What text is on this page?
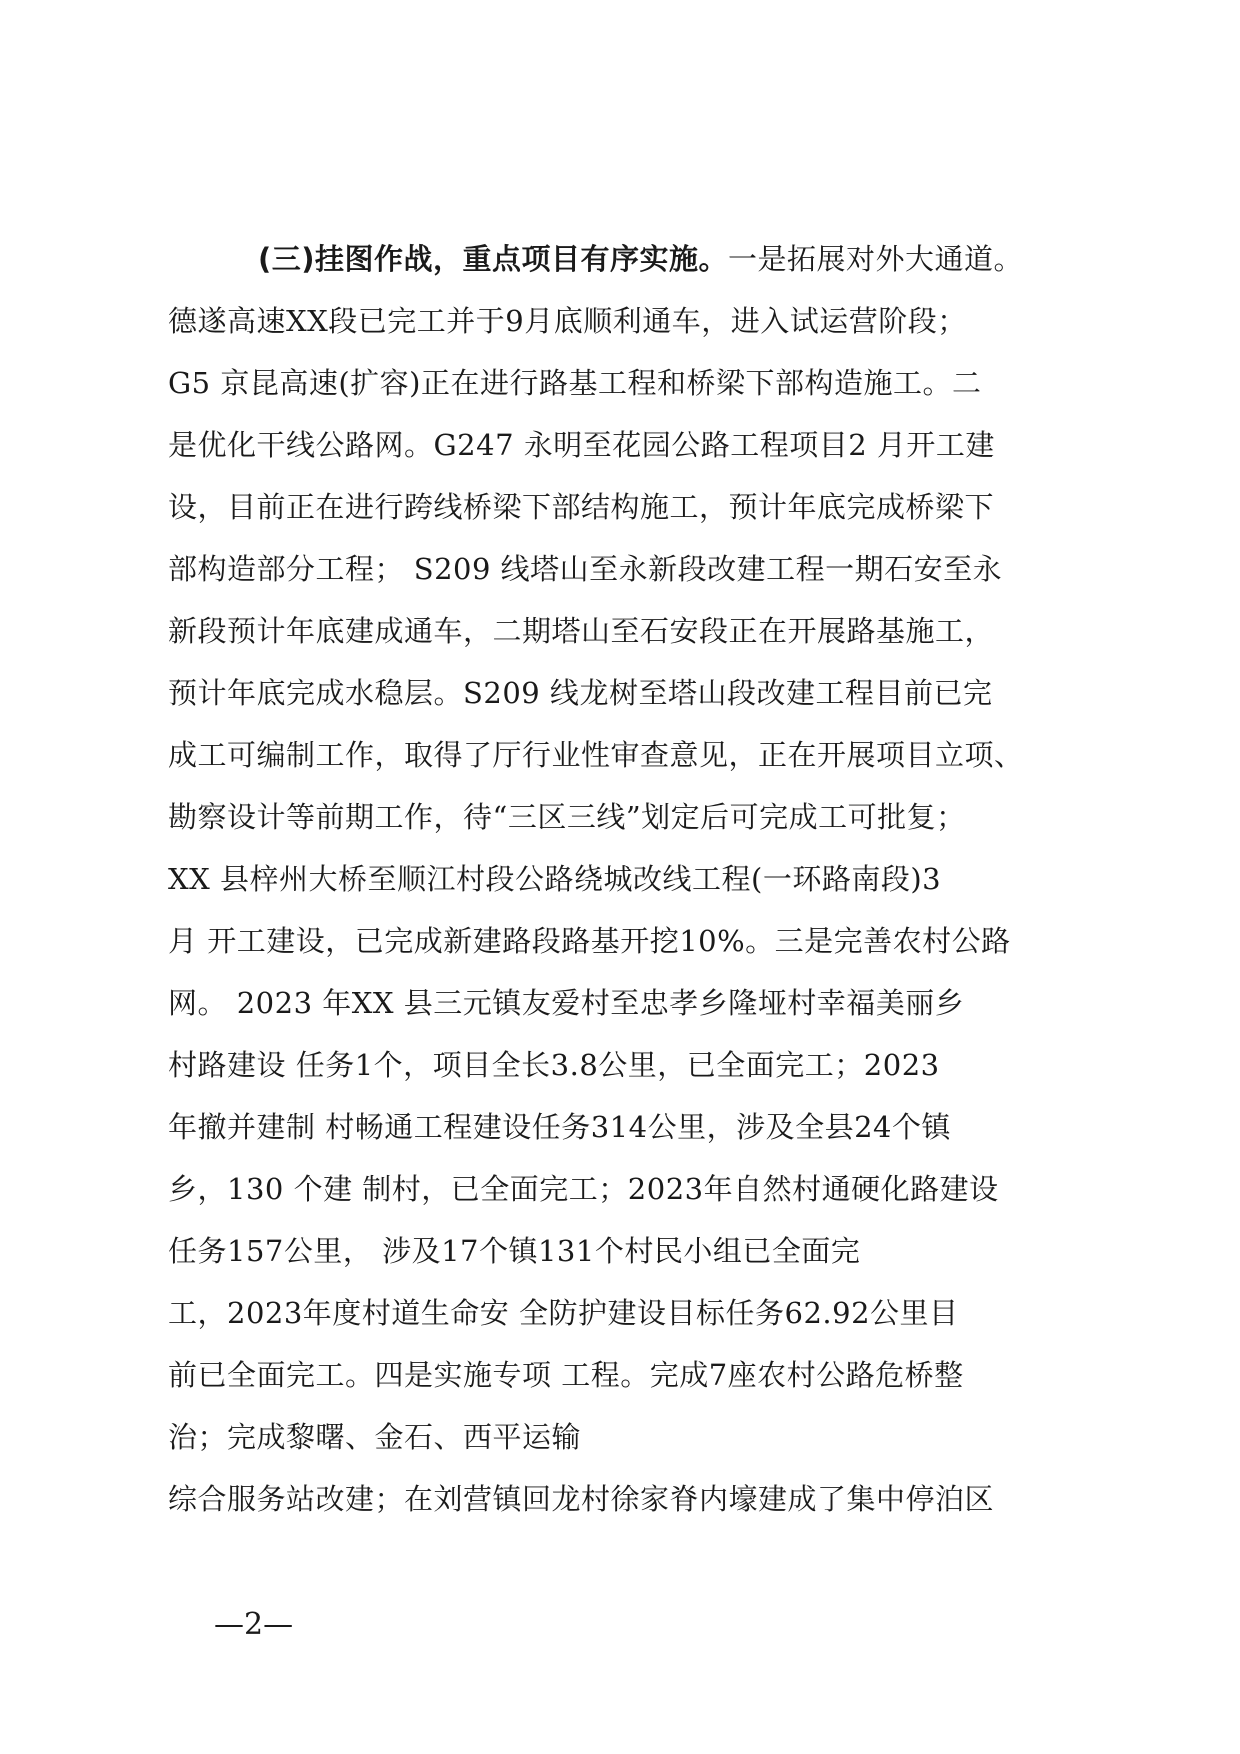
(三)挂图作战，重点项目有序实施。一是拓展对外大通道。
德遂高速XX段已完工并于9月底顺利通车，进入试运营阶段；
G5 京昆高速(扩容)正在进行路基工程和桥梁下部构造施工。二
是优化干线公路网。G247 永明至花园公路工程项目2 月开工建
设，目前正在进行跨线桥梁下部结构施工，预计年底完成桥梁下
部构造部分工程； S209 线塔山至永新段改建工程一期石安至永
新段预计年底建成通车，二期塔山至石安段正在开展路基施工，
预计年底完成水稳层。S209 线龙树至塔山段改建工程目前已完
成工可编制工作，取得了厅行业性审查意见，正在开展项目立项、
勘察设计等前期工作，待“三区三线”划定后可完成工可批复；
XX 县梓州大桥至顺江村段公路绕城改线工程(一环路南段)3
月 开工建设，已完成新建路段路基开挖10%。三是完善农村公路
网。 2023 年XX 县三元镇友爱村至忠孝乡隆垭村幸福美丽乡
村路建设 任务1个，项目全长3.8公里，已全面完工；2023
年撤并建制 村畅通工程建设任务314公里，涉及全县24个镇
乡，130 个建 制村，已全面完工；2023年自然村通硬化路建设
任务157公里， 涉及17个镇131个村民小组已全面完
工，2023年度村道生命安 全防护建设目标任务62.92公里目
前已全面完工。四是实施专项 工程。完成7座农村公路危桥整
治；完成黎曙、金石、西平运输
综合服务站改建；在刘营镇回龙村徐家脊内壕建成了集中停泊区
—2—
